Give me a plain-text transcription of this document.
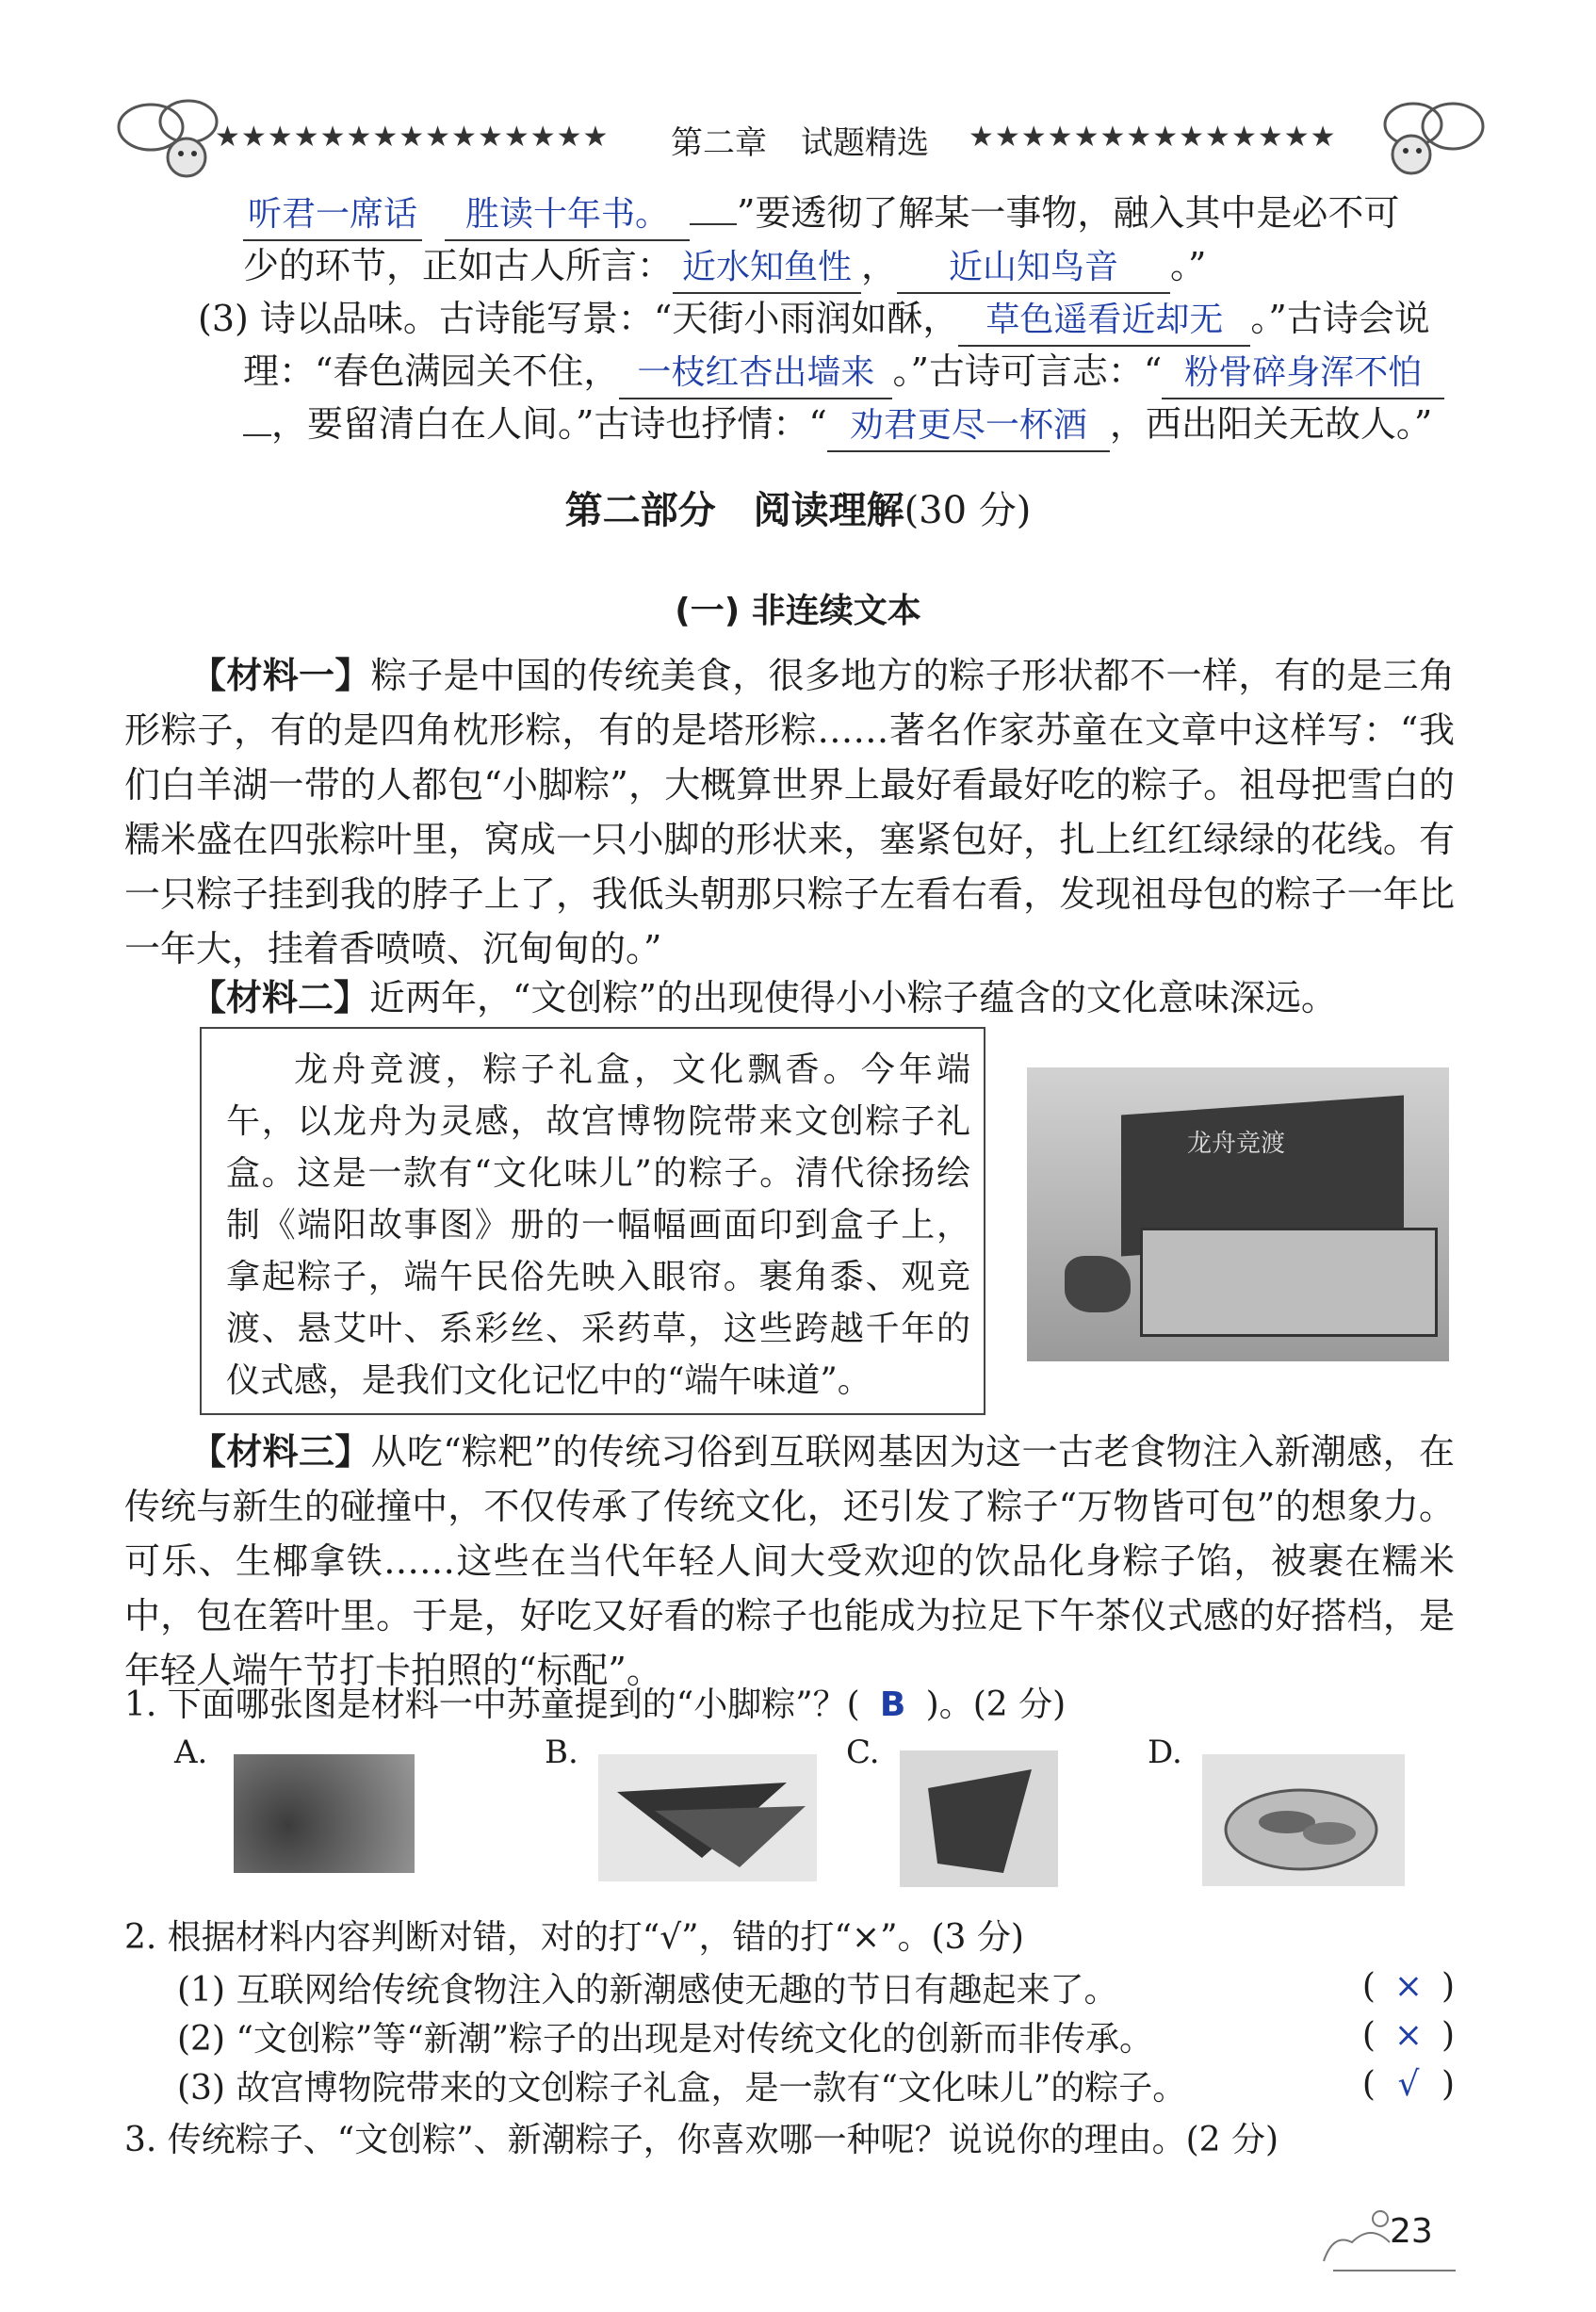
★★★★★★★★★★★★★★★ 第二章 试题精选 ★★★★★★★★★★★★★★
听君一席话 胜读十年书。 ”要透彻了解某一事物，融入其中是必不可
少的环节，正如古人所言： 近水知鱼性 ， 近山知鸟音 。”
(3) 诗以品味。古诗能写景：“天街小雨润如酥， 草色遥看近却无 。”古诗会说
理：“春色满园关不住， 一枝红杏出墙来 。”古诗可言志：“ 粉骨碎身浑不怕
，要留清白在人间。”古诗也抒情：“ 劝君更尽一杯酒 ，西出阳关无故人。”
第二部分　阅读理解(30 分)
(一) 非连续文本
【材料一】粽子是中国的传统美食，很多地方的粽子形状都不一样，有的是三角形粽子，有的是四角枕形粽，有的是塔形粽……著名作家苏童在文章中这样写：“我们白羊湖一带的人都包“小脚粽”，大概算世界上最好看最好吃的粽子。祖母把雪白的糯米盛在四张粽叶里，窝成一只小脚的形状来，塞紧包好，扎上红红绿绿的花线。有一只粽子挂到我的脖子上了，我低头朝那只粽子左看右看，发现祖母包的粽子一年比一年大，挂着香喷喷、沉甸甸的。”
【材料二】近两年，“文创粽”的出现使得小小粽子蕴含的文化意味深远。
龙舟竞渡，粽子礼盒，文化飘香。今年端午，以龙舟为灵感，故宫博物院带来文创粽子礼盒。这是一款有“文化味儿”的粽子。清代徐扬绘制《端阳故事图》册的一幅幅画面印到盒子上，拿起粽子，端午民俗先映入眼帘。裹角黍、观竞渡、悬艾叶、系彩丝、采药草，这些跨越千年的仪式感，是我们文化记忆中的“端午味道”。
龙舟竞渡
【材料三】从吃“粽粑”的传统习俗到互联网基因为这一古老食物注入新潮感，在传统与新生的碰撞中，不仅传承了传统文化，还引发了粽子“万物皆可包”的想象力。可乐、生椰拿铁……这些在当代年轻人间大受欢迎的饮品化身粽子馅，被裹在糯米中，包在箬叶里。于是，好吃又好看的粽子也能成为拉足下午茶仪式感的好搭档，是年轻人端午节打卡拍照的“标配”。
1. 下面哪张图是材料一中苏童提到的“小脚粽”？( B )。(2 分)
A.	B.	C.	D.
2. 根据材料内容判断对错，对的打“√”，错的打“×”。(3 分)
(1) 互联网给传统食物注入的新潮感使无趣的节日有趣起来了。	( × )
(2) “文创粽”等“新潮”粽子的出现是对传统文化的创新而非传承。	( × )
(3) 故宫博物院带来的文创粽子礼盒，是一款有“文化味儿”的粽子。	( √ )
3. 传统粽子、“文创粽”、新潮粽子，你喜欢哪一种呢？说说你的理由。(2 分)
23
